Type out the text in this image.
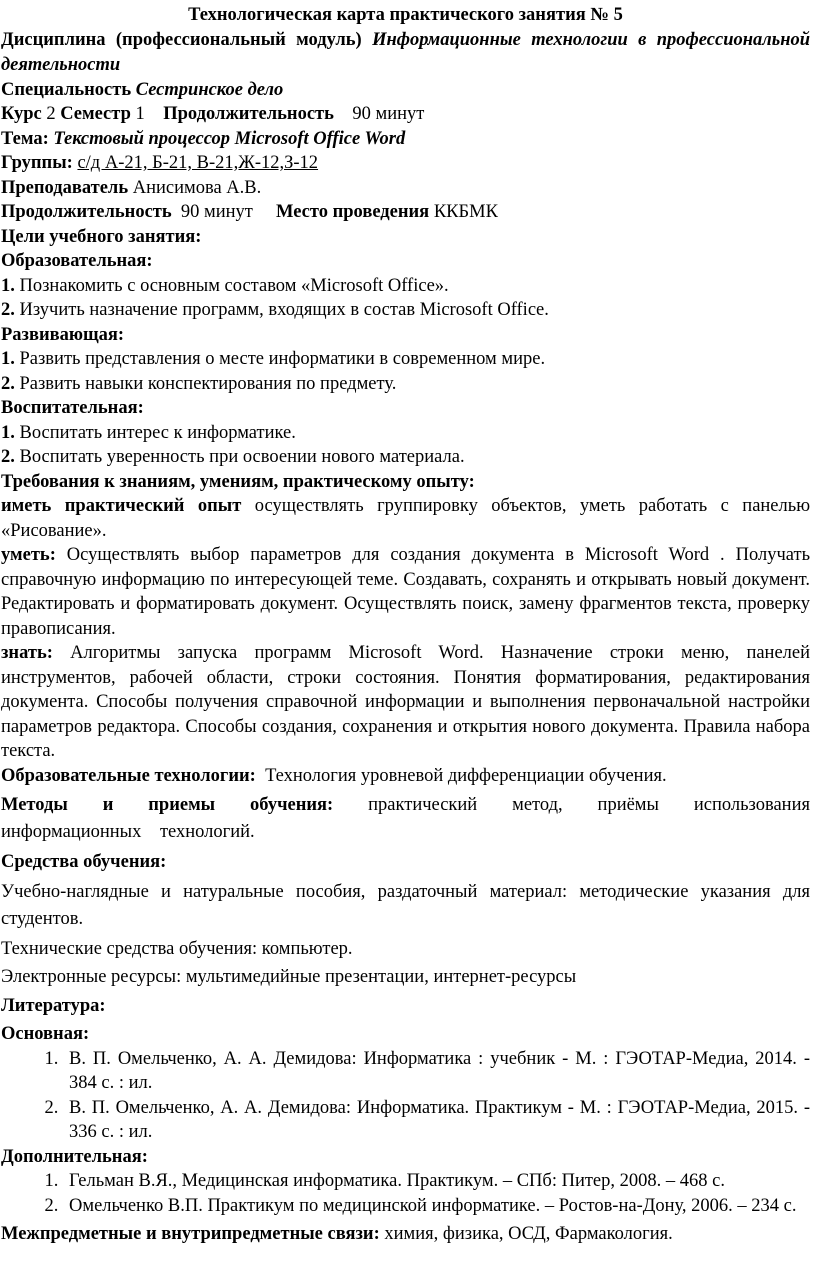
Технологическая карта практического занятия № 5

Дисциплина (профессиональный модуль) Информационные технологии в профессиональной деятельности

Специальность Сестринское дело

Курс 2 Семестр 1 Продолжительность 90 минут

Тема: Текстовый процессор Microsoft Office Word

Группы: с/д А-21, Б-21, В-21,Ж-12,З-12

Преподаватель Анисимова А.В.

Продолжительность 90 минут Место проведения ККБМК

Цели учебного занятия:

Образовательная:

1. Познакомить с основным составом «Microsoft Office».

2. Изучить назначение программ, входящих в состав Microsoft Office.

Развивающая:

1. Развить представления о месте информатики в современном мире.

2. Развить навыки конспектирования по предмету.

Воспитательная:

1. Воспитать интерес к информатике.

2. Воспитать уверенность при освоении нового материала.

Требования к знаниям, умениям, практическому опыту:

иметь практический опыт осуществлять группировку объектов, уметь работать с панелью «Рисование».

уметь: Осуществлять выбор параметров для создания документа в Microsoft Word . Получать справочную информацию по интересующей теме. Создавать, сохранять и открывать новый документ. Редактировать и форматировать документ. Осуществлять поиск, замену фрагментов текста, проверку правописания.

знать: Алгоритмы запуска программ Microsoft Word. Назначение строки меню, панелей инструментов, рабочей области, строки состояния. Понятия форматирования, редактирования документа. Способы получения справочной информации и выполнения первоначальной настройки параметров редактора. Способы создания, сохранения и открытия нового документа. Правила набора текста.

Образовательные технологии: Технология уровневой дифференциации обучения.

Методы и приемы обучения: практический метод, приёмы использования информационных технологий.

Средства обучения:

Учебно-наглядные и натуральные пособия, раздаточный материал: методические указания для студентов.

Технические средства обучения: компьютер.

Электронные ресурсы: мультимедийные презентации, интернет-ресурсы

Литература:

Основная:

1. В. П. Омельченко, А. А. Демидова: Информатика : учебник - М. : ГЭОТАР-Медиа, 2014. - 384 с. : ил.
2. В. П. Омельченко, А. А. Демидова: Информатика. Практикум - М. : ГЭОТАР-Медиа, 2015. - 336 с. : ил.

Дополнительная:

1. Гельман В.Я., Медицинская информатика. Практикум. – СПб: Питер, 2008. – 468 с.
2. Омельченко В.П. Практикум по медицинской информатике. – Ростов-на-Дону, 2006. – 234 с.

Межпредметные и внутрипредметные связи: химия, физика, ОСД, Фармакология.
